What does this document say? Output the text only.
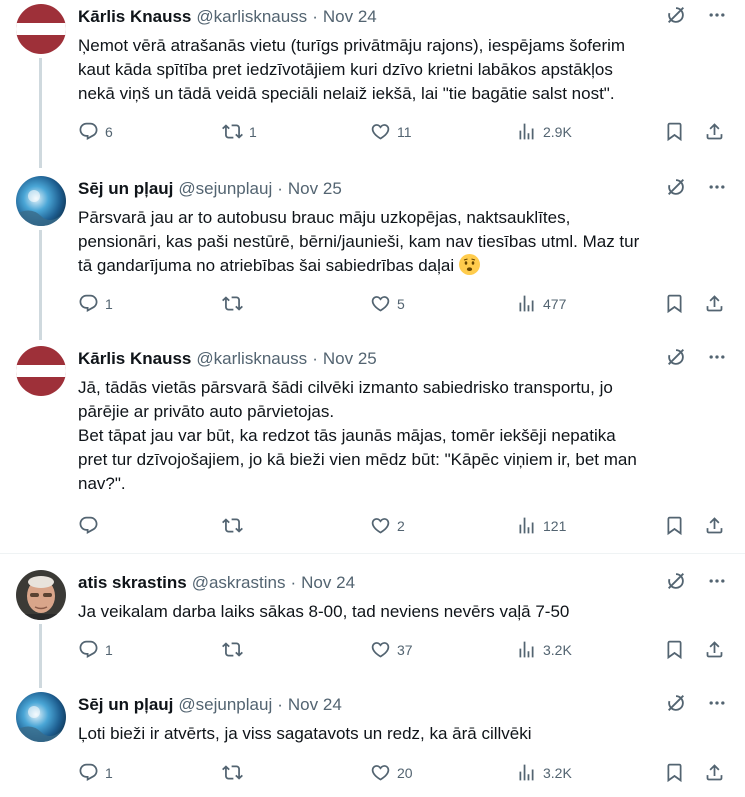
Kārlis Knauss @karlisknauss · Nov 24

Ņemot vērā atrašanās vietu (turīgs privātmāju rajons), iespējams šoferim

kaut kāda spītība pret iedzīvotājiem kuri dzīvo krietni labākos apstākļos

nekā viņš un tādā veidā speciāli nelaiž iekšā, lai "tie bagātie salst nost".

6	1	11	2.9K
Sēj un pļauj @sejunplauj · Nov 25

Pārsvarā jau ar to autobusu brauc māju uzkopējas, naktsauklītes,

pensionāri, kas paši nestūrē, bērni/jaunieši, kam nav tiesības utml. Maz tur

tā gandarījuma no atriebības šai sabiedrības daļai

1	5	477
Kārlis Knauss @karlisknauss · Nov 25

Jā, tādās vietās pārsvarā šādi cilvēki izmanto sabiedrisko transportu, jo

pārējie ar privāto auto pārvietojas.

Bet tāpat jau var būt, ka redzot tās jaunās mājas, tomēr iekšēji nepatika

pret tur dzīvojošajiem, jo kā bieži vien mēdz būt: "Kāpēc viņiem ir, bet man

nav?".

2	121
atis skrastins @askrastins · Nov 24

Ja veikalam darba laiks sākas 8-00, tad neviens nevērs vaļā 7-50

1	37	3.2K
Sēj un pļauj @sejunplauj · Nov 24

Ļoti bieži ir atvērts, ja viss sagatavots un redz, ka ārā cillvēki

1	20	3.2K
